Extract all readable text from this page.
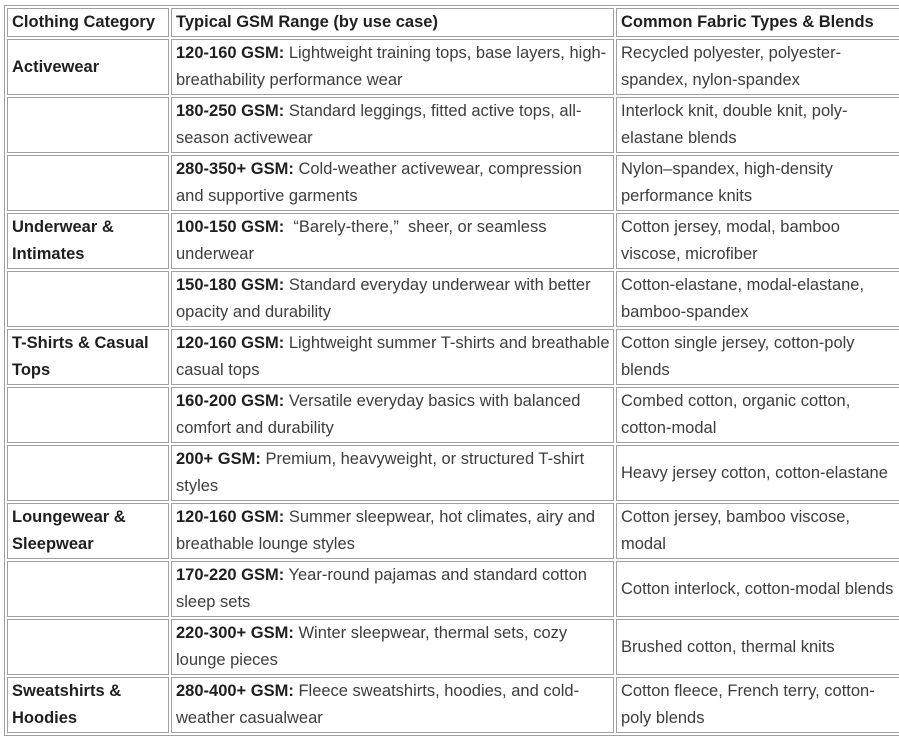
Clothing Category	Typical GSM Range (by use case)	Common Fabric Types & Blends
Activewear	120-160 GSM: Lightweight training tops, base layers, high-breathability performance wear	Recycled polyester, polyester-spandex, nylon-spandex
	180-250 GSM: Standard leggings, fitted active tops, all-season activewear	Interlock knit, double knit, poly-elastane blends
	280-350+ GSM: Cold-weather activewear, compression and supportive garments	Nylon–spandex, high-density performance knits
Underwear & Intimates	100-150 GSM:  “Barely-there,”  sheer, or seamless underwear	Cotton jersey, modal, bamboo viscose, microfiber
	150-180 GSM: Standard everyday underwear with better opacity and durability	Cotton-elastane, modal-elastane, bamboo-spandex
T-Shirts & Casual Tops	120-160 GSM: Lightweight summer T-shirts and breathable casual tops	Cotton single jersey, cotton-poly blends
	160-200 GSM: Versatile everyday basics with balanced comfort and durability	Combed cotton, organic cotton, cotton-modal
	200+ GSM: Premium, heavyweight, or structured T-shirt styles	Heavy jersey cotton, cotton-elastane
Loungewear & Sleepwear	120-160 GSM: Summer sleepwear, hot climates, airy and breathable lounge styles	Cotton jersey, bamboo viscose, modal
	170-220 GSM: Year-round pajamas and standard cotton sleep sets	Cotton interlock, cotton-modal blends
	220-300+ GSM: Winter sleepwear, thermal sets, cozy lounge pieces	Brushed cotton, thermal knits
Sweatshirts & Hoodies	280-400+ GSM: Fleece sweatshirts, hoodies, and cold-weather casualwear	Cotton fleece, French terry, cotton-poly blends
